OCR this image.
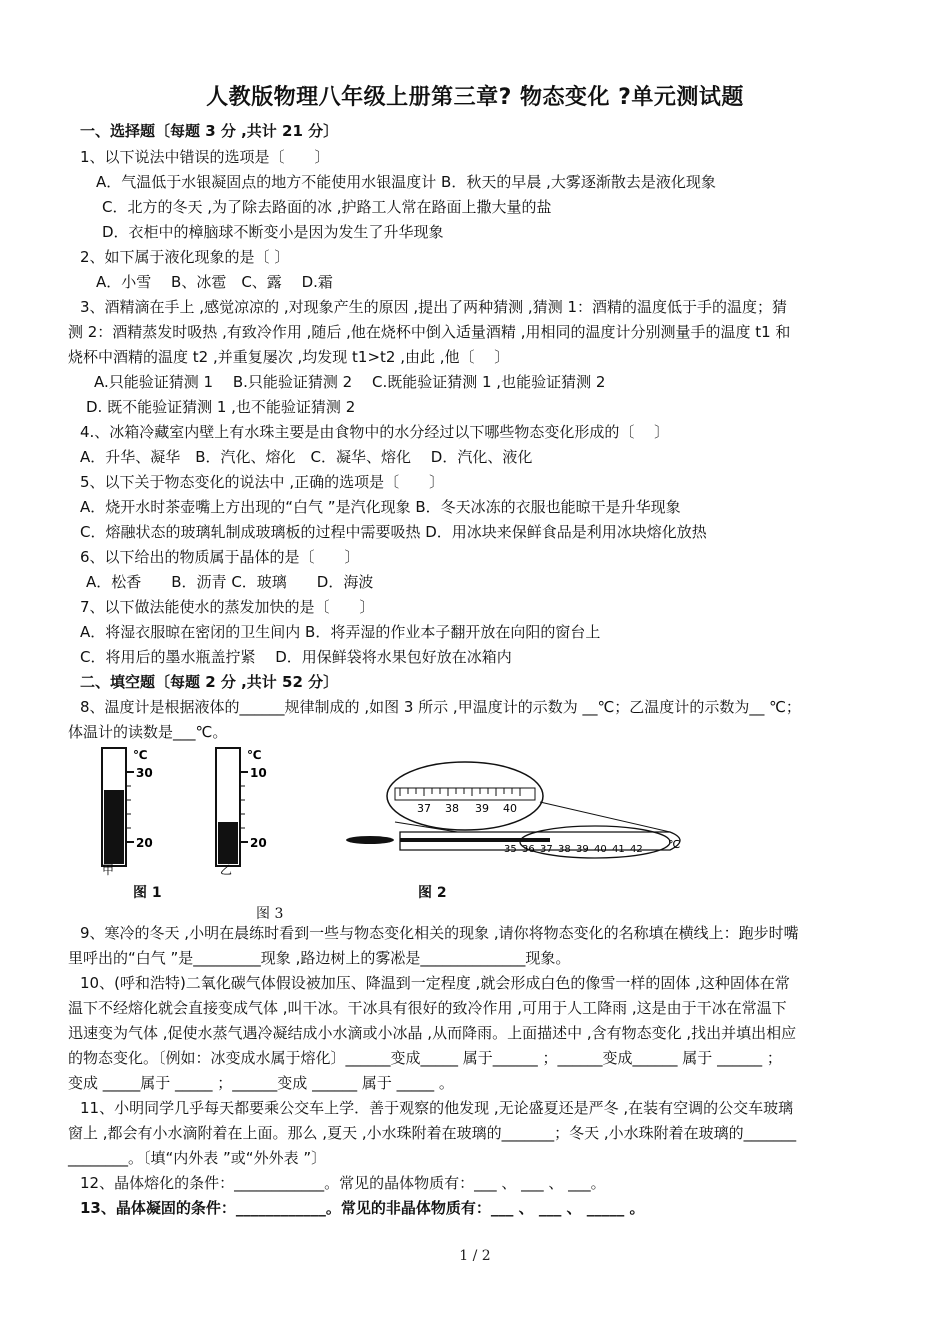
人教版物理八年级上册第三章? 物态变化 ?单元测试题
一、选择题〔每题 3 分 ,共计 21 分〕
1、以下说法中错误的选项是〔　　〕
A．气温低于水银凝固点的地方不能使用水银温度计 B．秋天的早晨 ,大雾逐渐散去是液化现象
C．北方的冬天 ,为了除去路面的冰 ,护路工人常在路面上撒大量的盐
D．衣柜中的樟脑球不断变小是因为发生了升华现象
2、如下属于液化现象的是〔 〕
A．小雪　 B、冰雹　C、露　 D.霜
3、酒精滴在手上 ,感觉凉凉的 ,对现象产生的原因 ,提出了两种猜测 ,猜测 1：酒精的温度低于手的温度；猜
测 2：酒精蒸发时吸热 ,有致冷作用 ,随后 ,他在烧杯中倒入适量酒精 ,用相同的温度计分别测量手的温度 t1 和
烧杯中酒精的温度 t2 ,并重复屡次 ,均发现 t1>t2 ,由此 ,他〔　 〕
A.只能验证猜测 1　 B.只能验证猜测 2　 C.既能验证猜测 1 ,也能验证猜测 2
D. 既不能验证猜测 1 ,也不能验证猜测 2
4.、冰箱冷藏室内壁上有水珠主要是由食物中的水分经过以下哪些物态变化形成的〔　 〕
A．升华、凝华　B．汽化、熔化　C．凝华、熔化　 D．汽化、液化
5、以下关于物态变化的说法中 ,正确的选项是〔　　〕
A．烧开水时茶壶嘴上方出现的“白气 ”是汽化现象 B．冬天冰冻的衣服也能晾干是升华现象
C．熔融状态的玻璃轧制成玻璃板的过程中需要吸热 D．用冰块来保鲜食品是利用冰块熔化放热
6、以下给出的物质属于晶体的是〔　　〕
A．松香　　B．沥青 C．玻璃　　D．海波
7、以下做法能使水的蒸发加快的是〔　　〕
A．将湿衣服晾在密闭的卫生间内 B．将弄湿的作业本子翻开放在向阳的窗台上
C．将用后的墨水瓶盖拧紧　 D．用保鲜袋将水果包好放在冰箱内
二、填空题〔每题 2 分 ,共计 52 分〕
8、温度计是根据液体的______规律制成的 ,如图 3 所示 ,甲温度计的示数为 __℃；乙温度计的示数为__ ℃；
体温计的读数是___℃。
℃
30
20
甲
℃
10
20
乙
图 1
37 38 39 40
35 36 37 38 39 40 41 42 ℃
图 2
图 3
9、寒冷的冬天 ,小明在晨练时看到一些与物态变化相关的现象 ,请你将物态变化的名称填在横线上：跑步时嘴
里呼出的“白气 ”是_________现象 ,路边树上的雾凇是______________现象。
10、(呼和浩特)二氧化碳气体假设被加压、降温到一定程度 ,就会形成白色的像雪一样的固体 ,这种固体在常
温下不经熔化就会直接变成气体 ,叫干冰。干冰具有很好的致冷作用 ,可用于人工降雨 ,这是由于干冰在常温下
迅速变为气体 ,促使水蒸气遇冷凝结成小水滴或小冰晶 ,从而降雨。上面描述中 ,含有物态变化 ,找出并填出相应
的物态变化。〔例如：冰变成水属于熔化〕______变成_____ 属于______ ；______变成______ 属于 ______ ；
变成 _____属于 _____ ；______变成 ______ 属于 _____ 。
11、小明同学几乎每天都要乘公交车上学．善于观察的他发现 ,无论盛夏还是严冬 ,在装有空调的公交车玻璃
窗上 ,都会有小水滴附着在上面。那么 ,夏天 ,小水珠附着在玻璃的_______；冬天 ,小水珠附着在玻璃的_______
________。〔填“内外表 ”或“外外表 ”〕
12、晶体熔化的条件：____________。常见的晶体物质有：___ 、 ___ 、 ___。
13、晶体凝固的条件：____________。常见的非晶体物质有：___ 、 ___ 、 _____ 。
1 / 2
